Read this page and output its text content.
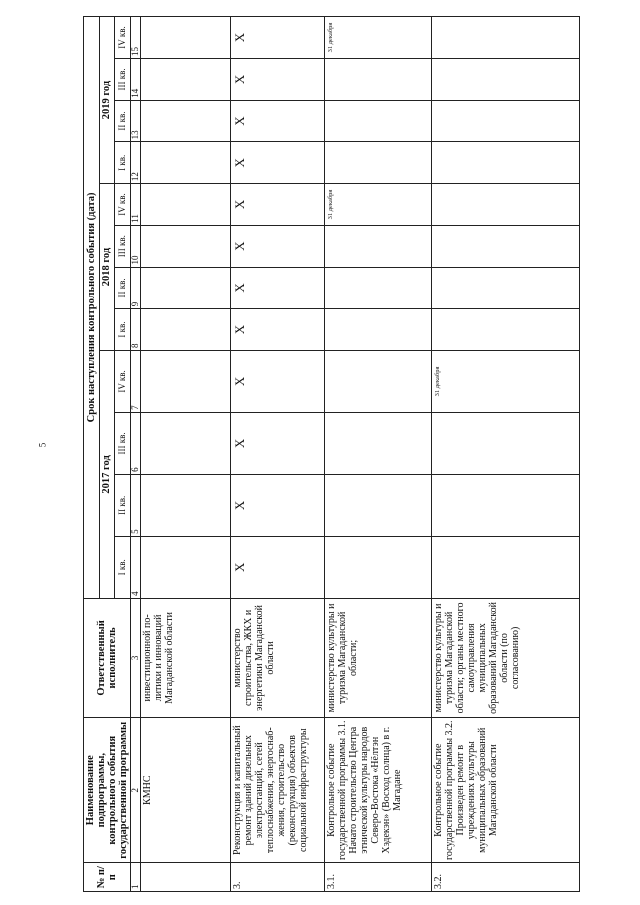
5
№ п/п	Наименование подпрограммы, контрольного события государственной программы	Ответственный исполнитель	Срок наступления контрольного события (дата)											
			2017 год				2018 год				2019 год			
			I кв.	II кв.	III кв.	IV кв.	I кв.	II кв.	III кв.	IV кв.	I кв.	II кв.	III кв.	IV кв.
1	2	3	4	5	6	7	8	9	10	11	12	13	14	15
	КМНС	инвестиционной по-литики и инноваций Магаданской области												
3.	Реконструкция и капитальный ремонт зданий дизельных электростанций, сетей теплоснабжения, энергоснаб-жения, строительство (реконструкция) объектов социальной инфраструктуры	министерство строительства, ЖКХ и энергетики Магаданской области	X	X	X	X	X	X	X	X	X	X	X	X
3.1.	Контрольное событие государственной программы 3.1. Начато строительство Центра этнической культуры народов Северо-Востока «Нёлтэн Хэдекэн» (Восход солнца) в г. Магадане	министерство культуры и туризма Магаданской области;								31 декабря				31 декабря
3.2.	Контрольное событие государственной программы 3.2. Произведен ремонт в учреждениях культуры муниципальных образований Магаданской области	министерство культуры и туризма Магаданской области; органы местного самоуправления муниципальных образований Магаданской области (по согласованию)				31 декабря								
